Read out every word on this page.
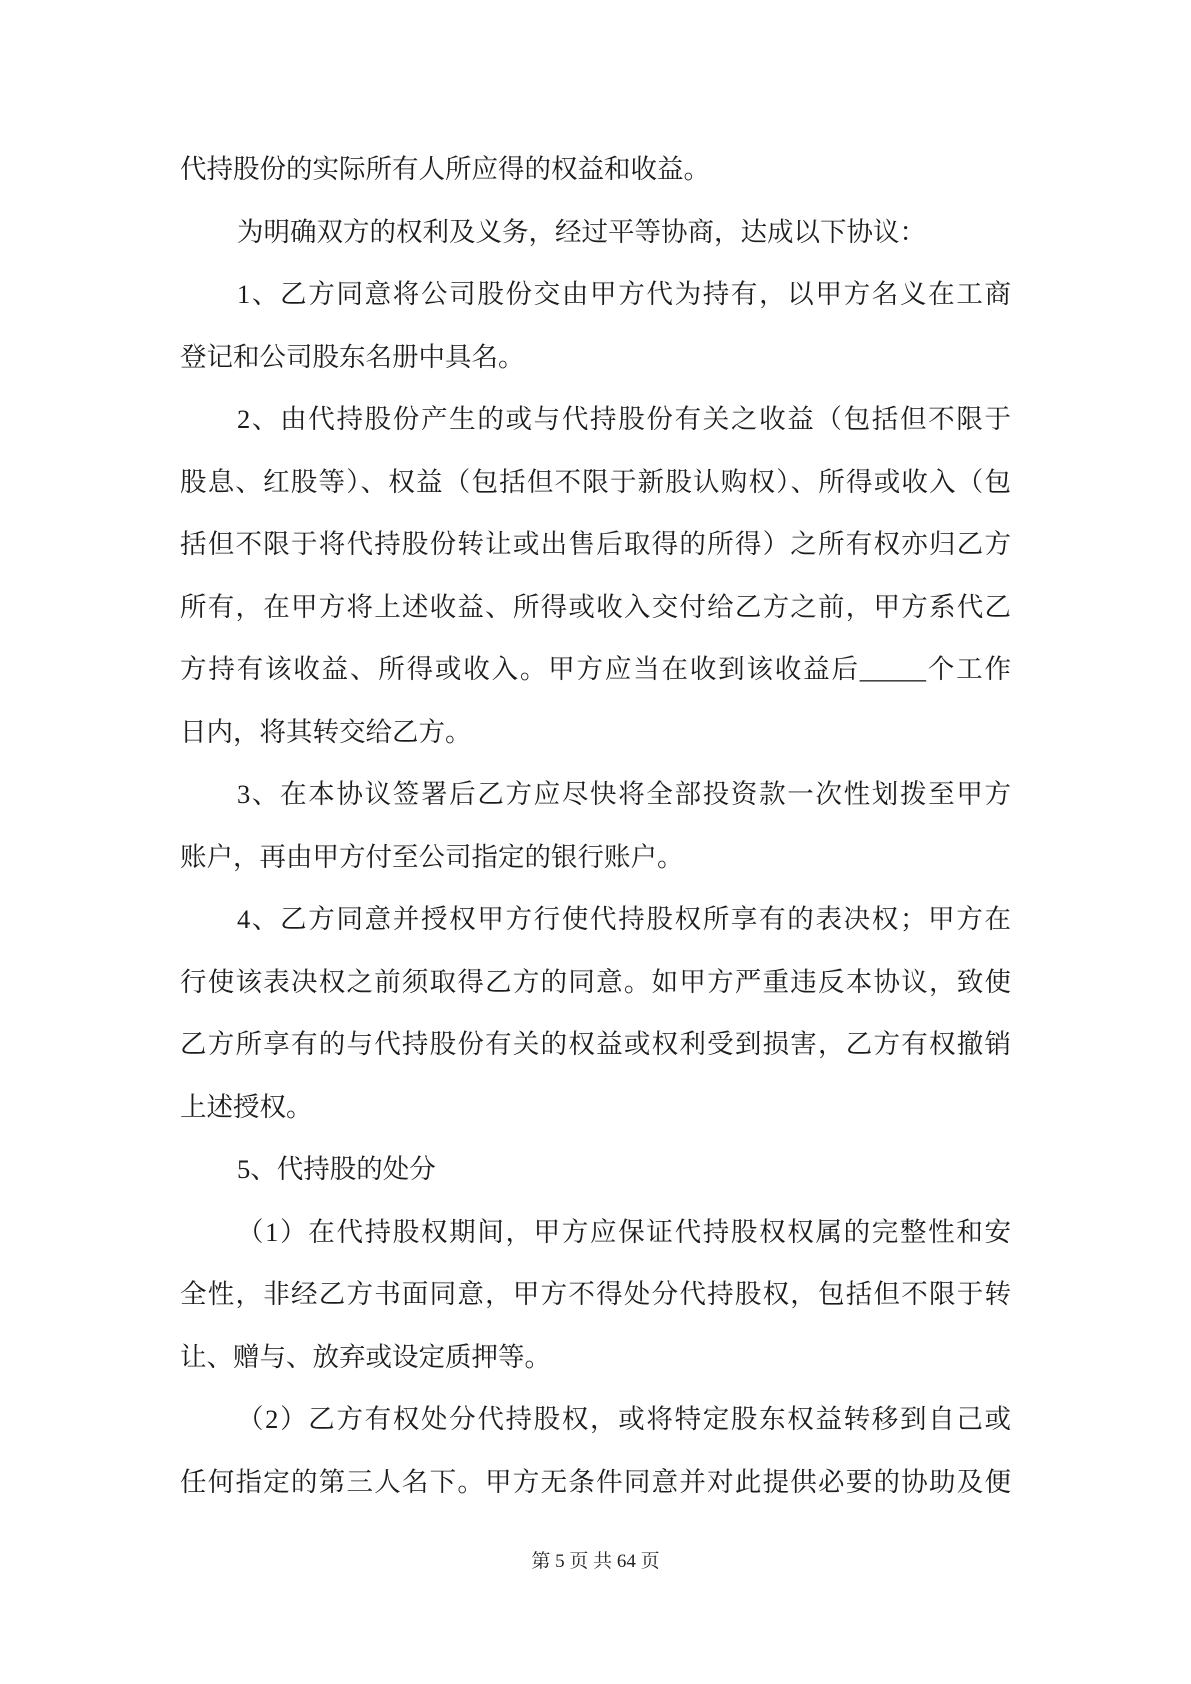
代持股份的实际所有人所应得的权益和收益。
为明确双方的权利及义务，经过平等协商，达成以下协议：
1、乙方同意将公司股份交由甲方代为持有，以甲方名义在工商
登记和公司股东名册中具名。
2、由代持股份产生的或与代持股份有关之收益（包括但不限于
股息、红股等）、权益（包括但不限于新股认购权）、所得或收入（包
括但不限于将代持股份转让或出售后取得的所得）之所有权亦归乙方
所有，在甲方将上述收益、所得或收入交付给乙方之前，甲方系代乙
方持有该收益、所得或收入。甲方应当在收到该收益后_____个工作
日内，将其转交给乙方。
3、在本协议签署后乙方应尽快将全部投资款一次性划拨至甲方
账户，再由甲方付至公司指定的银行账户。
4、乙方同意并授权甲方行使代持股权所享有的表决权；甲方在
行使该表决权之前须取得乙方的同意。如甲方严重违反本协议，致使
乙方所享有的与代持股份有关的权益或权利受到损害，乙方有权撤销
上述授权。
5、代持股的处分
（1）在代持股权期间，甲方应保证代持股权权属的完整性和安
全性，非经乙方书面同意，甲方不得处分代持股权，包括但不限于转
让、赠与、放弃或设定质押等。
（2）乙方有权处分代持股权，或将特定股东权益转移到自己或
任何指定的第三人名下。甲方无条件同意并对此提供必要的协助及便
第 5 页 共 64 页
